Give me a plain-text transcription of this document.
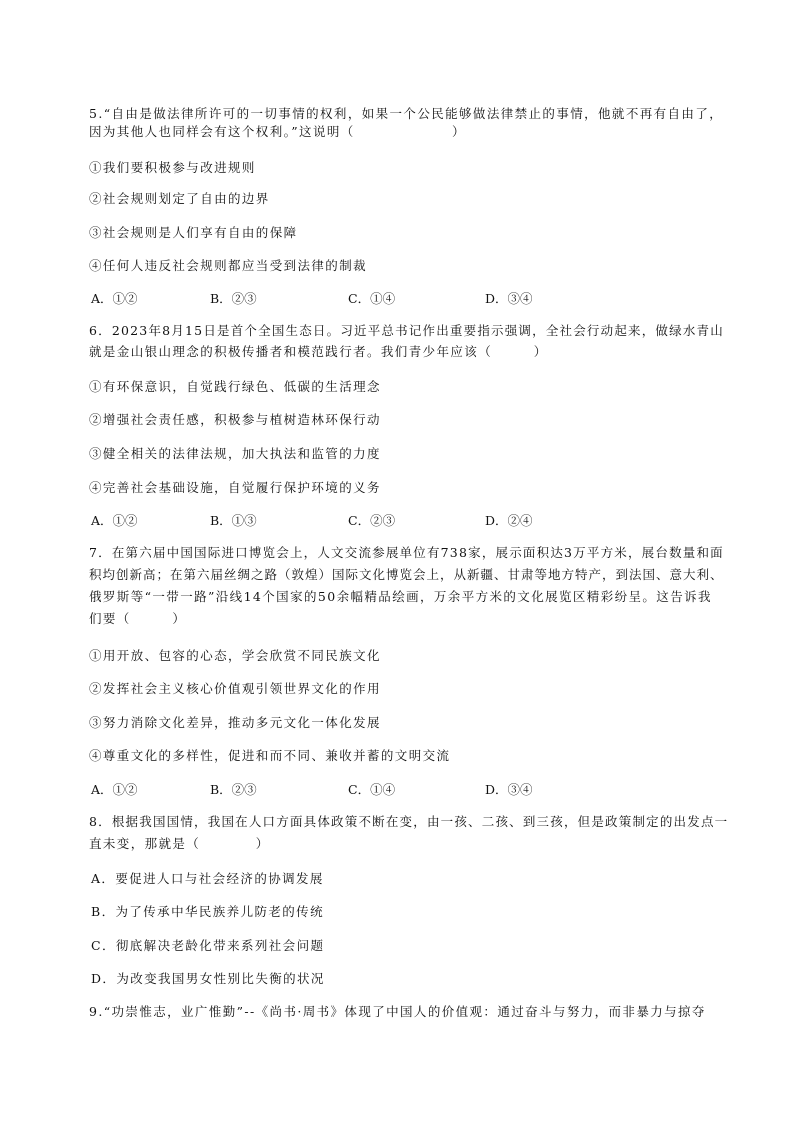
5.“自由是做法律所许可的一切事情的权利，如果一个公民能够做法律禁止的事情，他就不再有自由了，
因为其他人也同样会有这个权利。”这说明（　　　　　　　）
①我们要积极参与改进规则
②社会规则划定了自由的边界
③社会规则是人们享有自由的保障
④任何人违反社会规则都应当受到法律的制裁
A．①②	B．②③	C．①④	D．③④
6．2023年8月15日是首个全国生态日。习近平总书记作出重要指示强调，全社会行动起来，做绿水青山
就是金山银山理念的积极传播者和模范践行者。我们青少年应该（　　　）
①有环保意识，自觉践行绿色、低碳的生活理念
②增强社会责任感，积极参与植树造林环保行动
③健全相关的法律法规，加大执法和监管的力度
④完善社会基础设施，自觉履行保护环境的义务
A．①②	B．①③	C．②③	D．②④
7．在第六届中国国际进口博览会上，人文交流参展单位有738家，展示面积达3万平方米，展台数量和面
积均创新高；在第六届丝绸之路（敦煌）国际文化博览会上，从新疆、甘肃等地方特产，到法国、意大利、
俄罗斯等“一带一路”沿线14个国家的50余幅精品绘画，万余平方米的文化展览区精彩纷呈。这告诉我
们要（　　　）
①用开放、包容的心态，学会欣赏不同民族文化
②发挥社会主义核心价值观引领世界文化的作用
③努力消除文化差异，推动多元文化一体化发展
④尊重文化的多样性，促进和而不同、兼收并蓄的文明交流
A．①②	B．②③	C．①④	D．③④
8．根据我国国情，我国在人口方面具体政策不断在变，由一孩、二孩、到三孩，但是政策制定的出发点一
直未变，那就是（　　　　）
A．要促进人口与社会经济的协调发展
B．为了传承中华民族养儿防老的传统
C．彻底解决老龄化带来系列社会问题
D．为改变我国男女性别比失衡的状况
9.“功崇惟志，业广惟勤”--《尚书·周书》体现了中国人的价值观：通过奋斗与努力，而非暴力与掠夺
